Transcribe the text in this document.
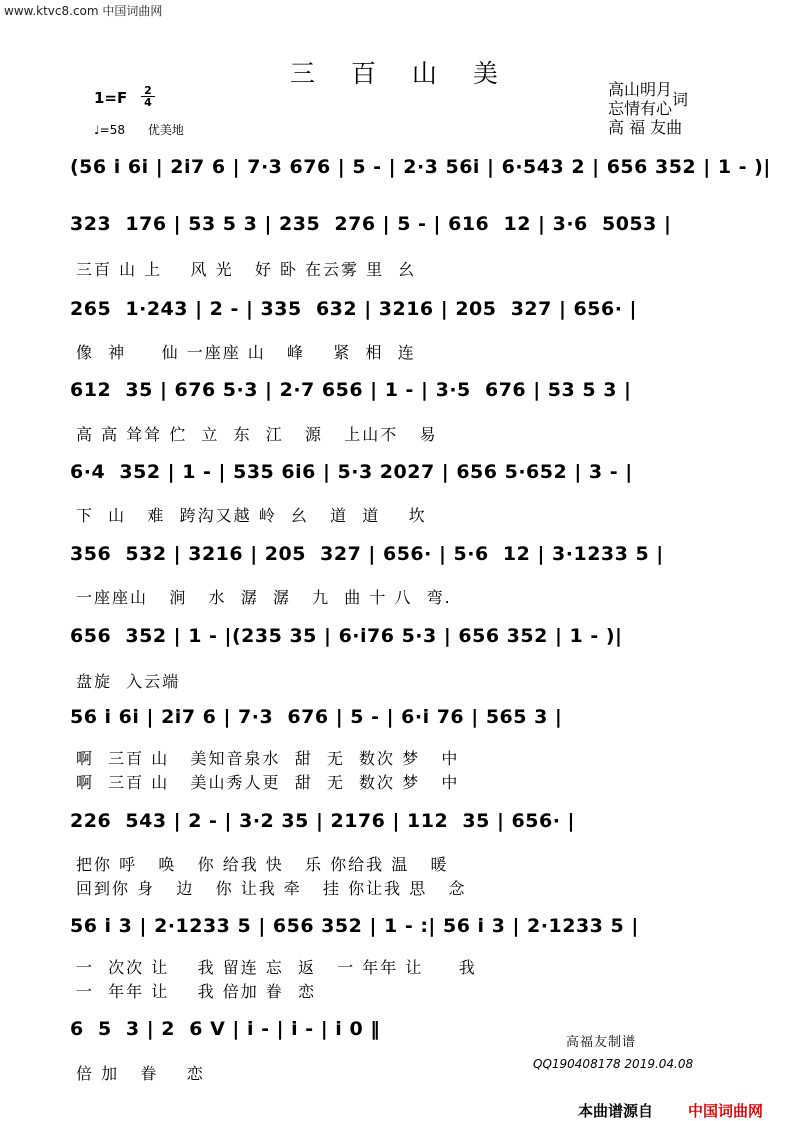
www.ktvc8.com 中国词曲网
三 百 山 美
1=F 2
4
♩=58 优美地
高山明月
忘情有心 词
高 福 友曲
(56 i 6i | 2i7 6 | 7·3 676 | 5 - | 2·3 56i | 6·543 2 | 656 352 | 1 - )|
323  176 | 53 5 3 | 235  276 | 5 - | 616  12 | 3·6  5053 |
三百 山 上    风 光   好 卧 在云雾 里  幺
265  1·243 | 2 - | 335  632 | 3216 | 205  327 | 656· |
像  神     仙 一座座 山   峰    紧  相  连
612  35 | 676 5·3 | 2·7 656 | 1 - | 3·5  676 | 53 5 3 |
高 高 耸耸 伫  立  东  江   源   上山不   易
6·4  352 | 1 - | 535 6i6 | 5·3 2027 | 656 5·652 | 3 - |
下  山   难  跨沟又越 岭  幺   道  道    坎
356  532 | 3216 | 205  327 | 656· | 5·6  12 | 3·1233 5 |
一座座山   涧   水  潺  潺   九  曲 十 八  弯.
656  352 | 1 - |(235 35 | 6·i76 5·3 | 656 352 | 1 - )|
盘旋  入云端
56 i 6i | 2i7 6 | 7·3  676 | 5 - | 6·i 76 | 565 3 |
啊  三百 山   美知音泉水  甜  无  数次 梦   中
啊  三百 山   美山秀人更  甜  无  数次 梦   中
226  543 | 2 - | 3·2 35 | 2176 | 112  35 | 656· |
把你 呼   唤   你 给我 快   乐 你给我 温   暖
回到你 身   边   你 让我 牵   挂 你让我 思   念
56 i 3 | 2·1233 5 | 656 352 | 1 - :| 56 i 3 | 2·1233 5 |
一  次次 让    我 留连 忘  返   一 年年 让     我
一  年年 让    我 倍加 眷  恋
6  5  3 | 2  6 V | i - | i - | i 0 ‖
倍 加   眷    恋
高福友制谱
QQ190408178 2019.04.08
本曲谱源自 中国词曲网
